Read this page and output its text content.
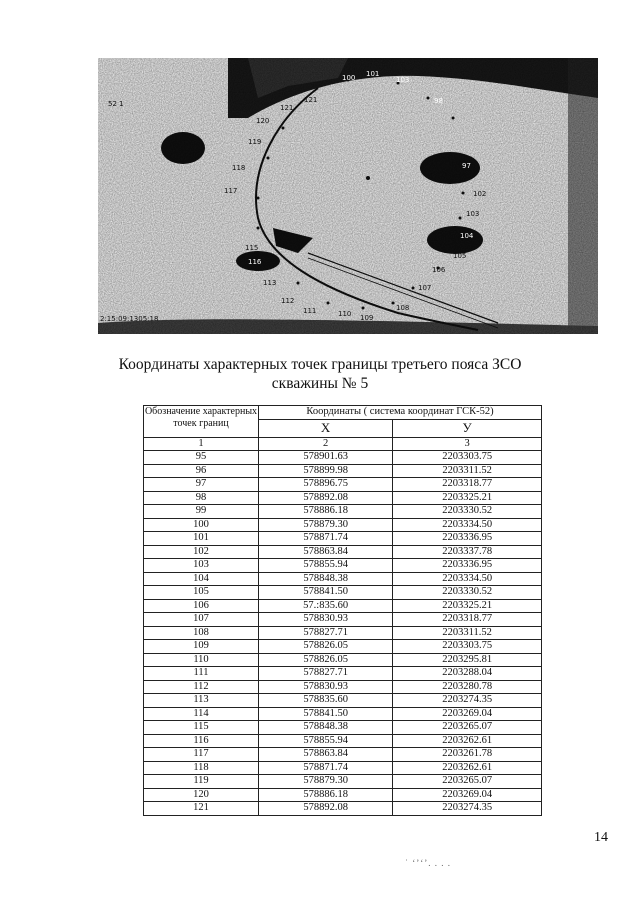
52 1
2:15:09:1305:18
100 101
103
98
97
102
103
104
105
106
107
108
109
110
111
112
113
115
116
117
118
119
120
121
121
Координаты характерных точек границы третьего пояса ЗСО
скважины № 5
Обозначение характерных точек границ	Координаты ( система координат ГСК-52)	
	X	У
1	2	3
95	578901.63	2203303.75
96	578899.98	2203311.52
97	578896.75	2203318.77
98	578892.08	2203325.21
99	578886.18	2203330.52
100	578879.30	2203334.50
101	578871.74	2203336.95
102	578863.84	2203337.78
103	578855.94	2203336.95
104	578848.38	2203334.50
105	578841.50	2203330.52
106	57.:835.60	2203325.21
107	578830.93	2203318.77
108	578827.71	2203311.52
109	578826.05	2203303.75
110	578826.05	2203295.81
111	578827.71	2203288.04
112	578830.93	2203280.78
113	578835.60	2203274.35
114	578841.50	2203269.04
115	578848.38	2203265.07
116	578855.94	2203262.61
117	578863.84	2203261.78
118	578871.74	2203262.61
119	578879.30	2203265.07
120	578886.18	2203269.04
121	578892.08	2203274.35
14
˙ ‘’‘’. . . .
